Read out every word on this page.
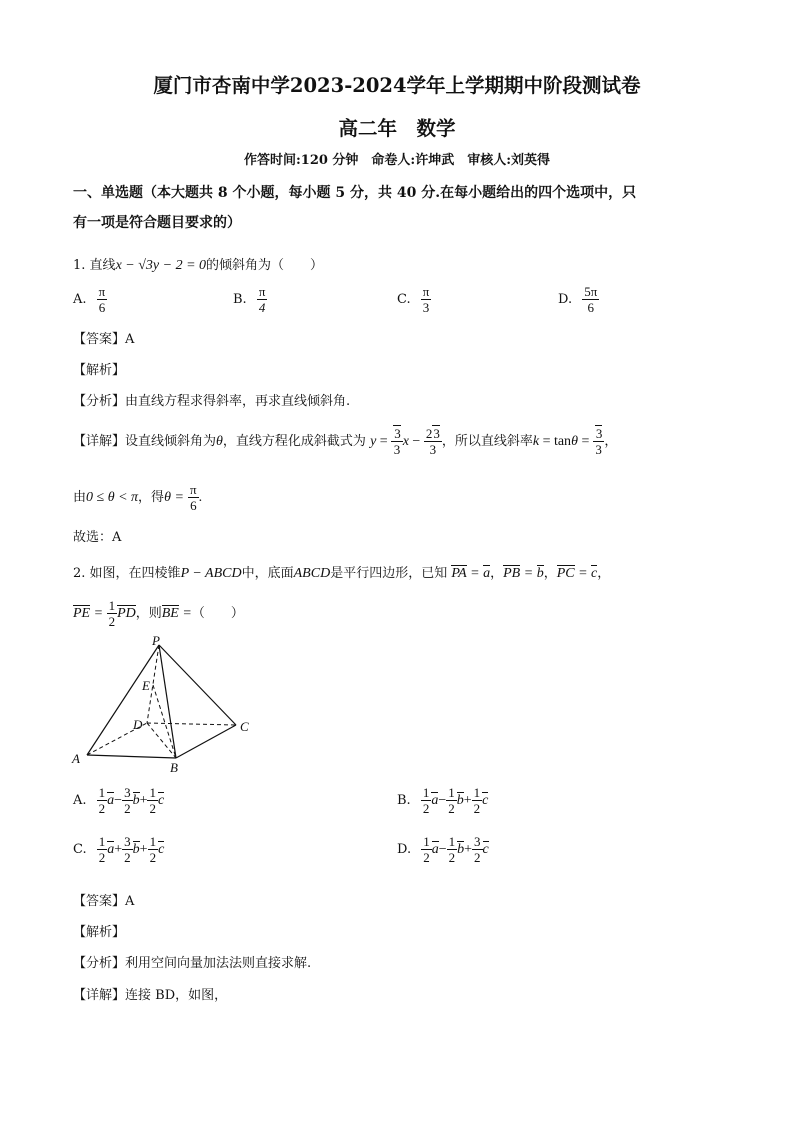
厦门市杏南中学2023-2024学年上学期期中阶段测试卷
高二年　数学
作答时间:120 分钟　命卷人:许坤武　审核人:刘英得
一、单选题（本大题共 8 个小题，每小题 5 分，共 40 分.在每小题给出的四个选项中，只
有一项是符合题目要求的）
1. 直线x − √3y − 2 = 0的倾斜角为（　　）
A. $\frac{\pi}{6}$	B. $\frac{\pi}{4}$	C. $\frac{\pi}{3}$	D. $\frac{5\pi}{6}$
【答案】A
【解析】
【分析】由直线方程求得斜率，再求直线倾斜角.
【详解】设直线倾斜角为θ，直线方程化成斜截式为 $y = \frac{3}{3}$ $x - \frac{23}{3}$ ，所以直线斜率$k = \tan\theta = \frac{3}{3}$ ，
由0 ≤ θ < π，得$\theta = \frac{\pi}{6}$ .
故选：A
2. 如图，在四棱锥P − ABCD中，底面ABCD是平行四边形，已知 PA = a，PB = b，PC = c，
PE = $\frac{1}{2}$ PD，则BE =（　　）
P
E
D	C
A
B
A. $\frac{1}{2} a- \frac{3}{2} b+ \frac{1}{2}$ c	B. $\frac{1}{2} a- \frac{1}{2} b+ \frac{1}{2}$ c
C. $\frac{1}{2} a+ \frac{3}{2} b+ \frac{1}{2}$ c	D. $\frac{1}{2} a- \frac{1}{2} b+ \frac{3}{2}$ c
【答案】A
【解析】
【分析】利用空间向量加法法则直接求解.
【详解】连接 BD，如图，
